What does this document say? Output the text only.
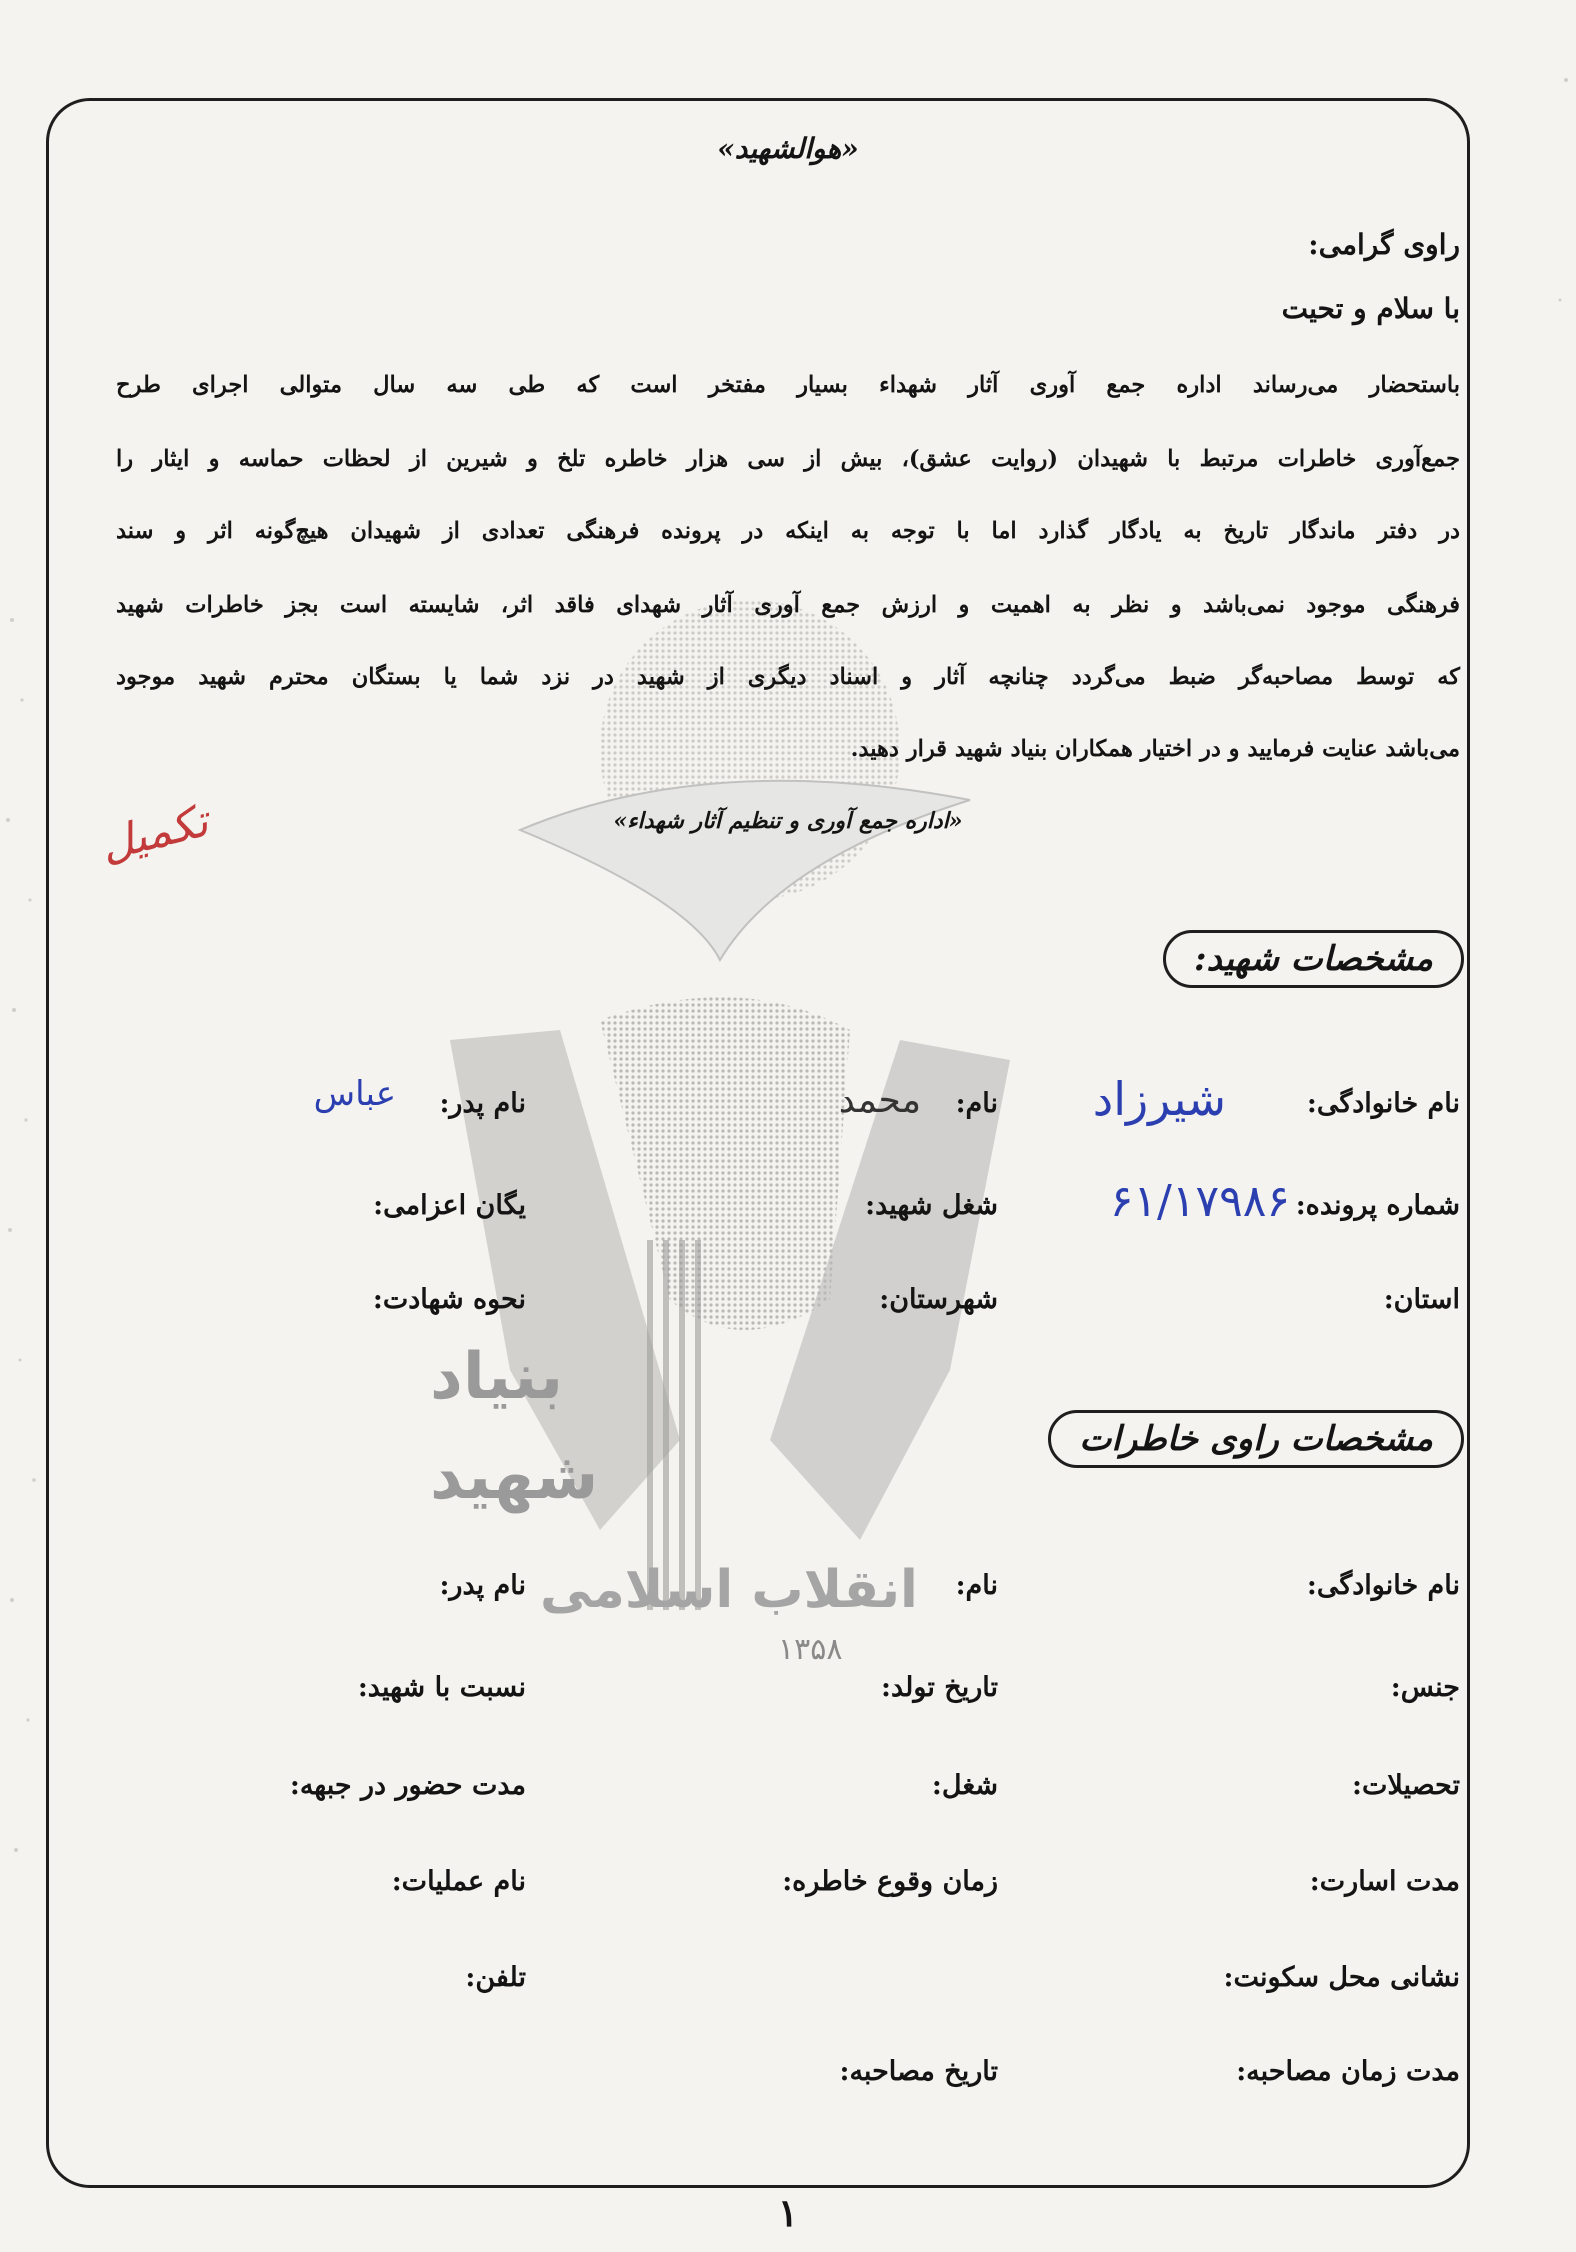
بنیاد
شهید
انقلاب اسلامی
۱۳۵۸
«هوالشهید»
راوی گرامی:
با سلام و تحیت
باستحضار می‌رساند اداره جمع آوری آثار شهداء بسیار مفتخر است که طی سه سال متوالی اجرای طرح
جمع‌آوری خاطرات مرتبط با شهیدان (روایت عشق)، بیش از سی هزار خاطره تلخ و شیرین از لحظات حماسه و ایثار را
در دفتر ماندگار تاریخ به یادگار گذارد اما با توجه به اینکه در پرونده فرهنگی تعدادی از شهیدان هیچ‌گونه اثر و سند
فرهنگی موجود نمی‌باشد و نظر به اهمیت و ارزش جمع آوری آثار شهدای فاقد اثر، شایسته است بجز خاطرات شهید
که توسط مصاحبه‌گر ضبط می‌گردد چنانچه آثار و اسناد دیگری از شهید در نزد شما یا بستگان محترم شهید موجود
می‌باشد عنایت فرمایید و در اختیار همکاران بنیاد شهید قرار دهید.
«اداره جمع آوری و تنظیم آثار شهداء»
تکمیل
مشخصات شهید:
نام خانوادگی:
شیرزاد
نام:
محمد
نام پدر:
عباس
شماره پرونده:
۶۱/۱۷۹۸۶
شغل شهید:
یگان اعزامی:
استان:
شهرستان:
نحوه شهادت:
مشخصات راوی خاطرات
نام خانوادگی:
نام:
نام پدر:
جنس:
تاریخ تولد:
نسبت با شهید:
تحصیلات:
شغل:
مدت حضور در جبهه:
مدت اسارت:
زمان وقوع خاطره:
نام عملیات:
نشانی محل سکونت:
تلفن:
مدت زمان مصاحبه:
تاریخ مصاحبه:
۱
